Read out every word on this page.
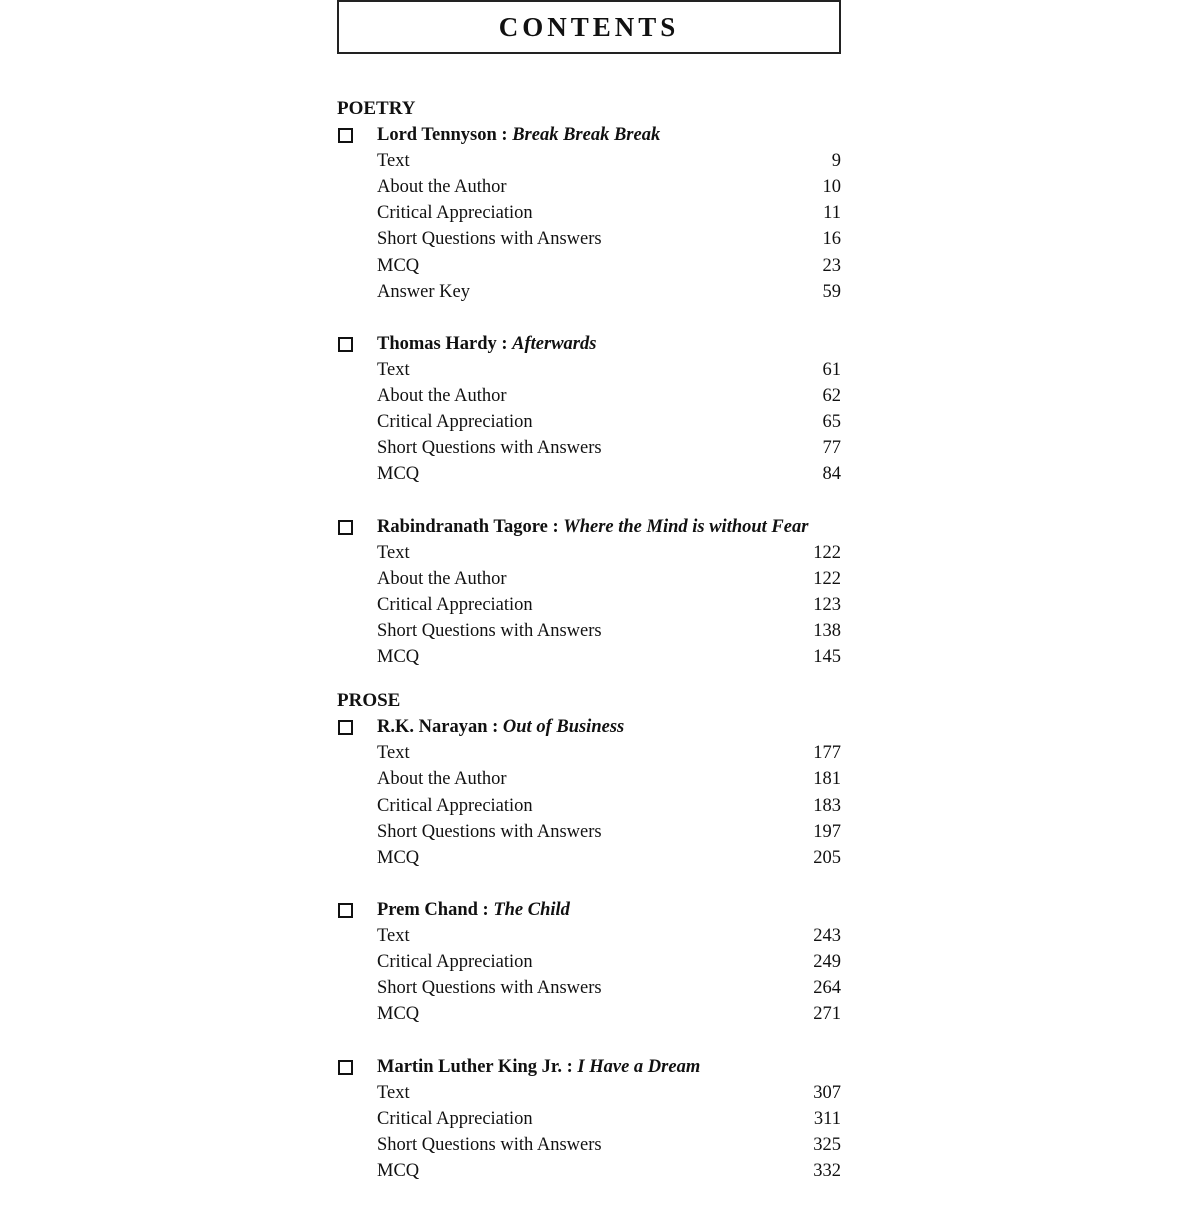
CONTENTS
POETRY
Lord Tennyson : Break Break Break
Text	9
About the Author	10
Critical Appreciation	11
Short Questions with Answers	16
MCQ	23
Answer Key	59
Thomas Hardy : Afterwards
Text	61
About the Author	62
Critical Appreciation	65
Short Questions with Answers	77
MCQ	84
Rabindranath Tagore : Where the Mind is without Fear
Text	122
About the Author	122
Critical Appreciation	123
Short Questions with Answers	138
MCQ	145
PROSE
R.K. Narayan : Out of Business
Text	177
About the Author	181
Critical Appreciation	183
Short Questions with Answers	197
MCQ	205
Prem Chand : The Child
Text	243
Critical Appreciation	249
Short Questions with Answers	264
MCQ	271
Martin Luther King Jr. : I Have a Dream
Text	307
Critical Appreciation	311
Short Questions with Answers	325
MCQ	332
